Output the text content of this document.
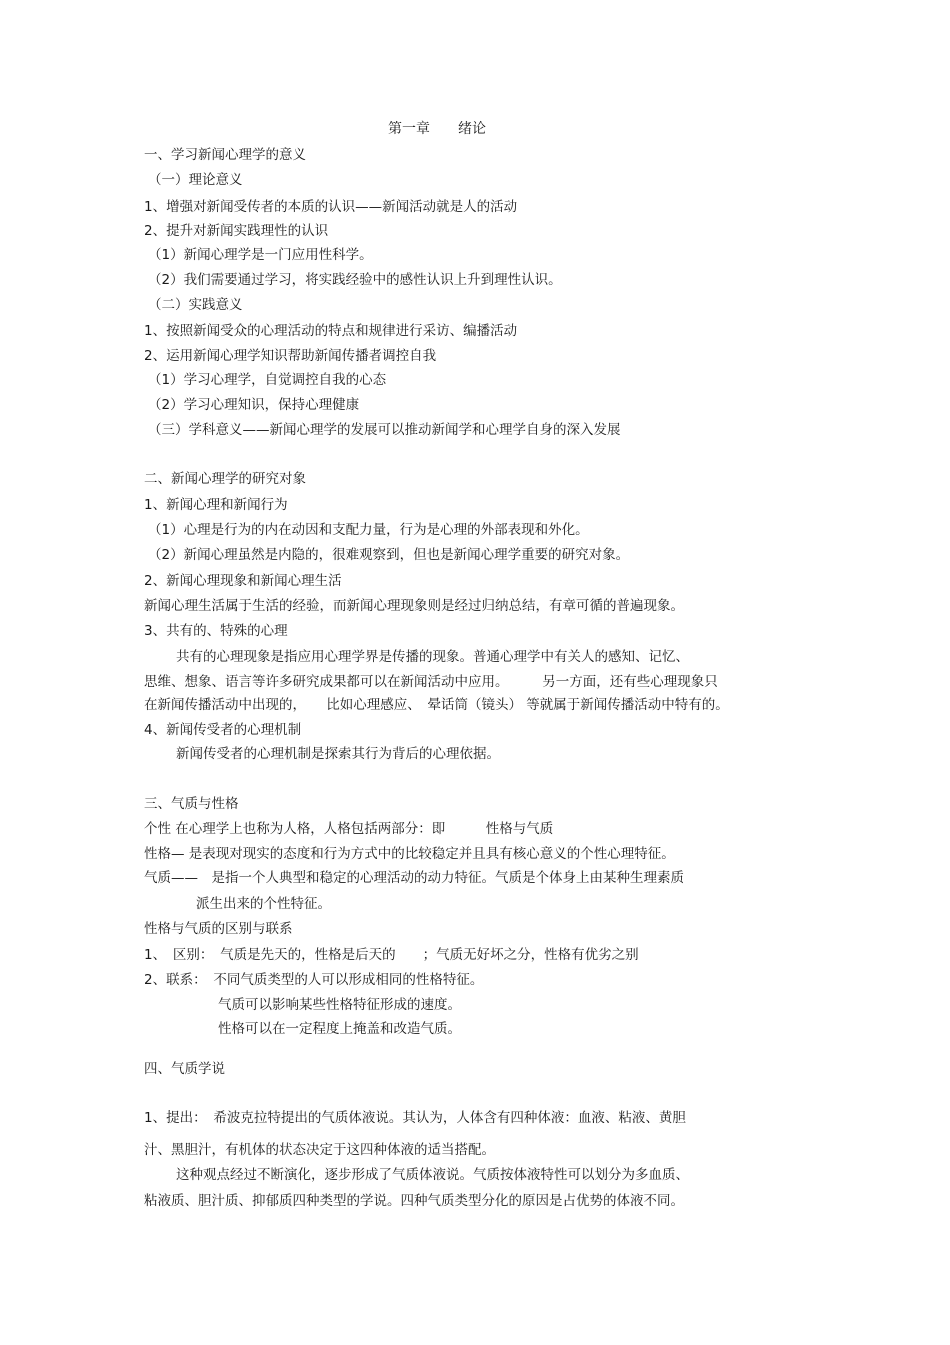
第一章　　绪论
一、学习新闻心理学的意义
（一）理论意义
1、增强对新闻受传者的本质的认识——新闻活动就是人的活动
2、提升对新闻实践理性的认识
（1）新闻心理学是一门应用性科学。
（2）我们需要通过学习，将实践经验中的感性认识上升到理性认识。
（二）实践意义
1、按照新闻受众的心理活动的特点和规律进行采访、编播活动
2、运用新闻心理学知识帮助新闻传播者调控自我
（1）学习心理学，自觉调控自我的心态
（2）学习心理知识，保持心理健康
（三）学科意义——新闻心理学的发展可以推动新闻学和心理学自身的深入发展
二、新闻心理学的研究对象
1、新闻心理和新闻行为
（1）心理是行为的内在动因和支配力量，行为是心理的外部表现和外化。
（2）新闻心理虽然是内隐的，很难观察到，但也是新闻心理学重要的研究对象。
2、新闻心理现象和新闻心理生活
新闻心理生活属于生活的经验，而新闻心理现象则是经过归纳总结，有章可循的普遍现象。
3、共有的、特殊的心理
共有的心理现象是指应用心理学界是传播的现象。普通心理学中有关人的感知、记忆、
思维、想象、语言等许多研究成果都可以在新闻活动中应用。　　　另一方面，还有些心理现象只
在新闻传播活动中出现的，　　比如心理感应、　晕话筒（镜头） 等就属于新闻传播活动中特有的。
4、新闻传受者的心理机制
新闻传受者的心理机制是探索其行为背后的心理依据。
三、气质与性格
个性 在心理学上也称为人格，人格包括两部分：即　　　性格与气质
性格— 是表现对现实的态度和行为方式中的比较稳定并且具有核心意义的个性心理特征。
气质——　是指一个人典型和稳定的心理活动的动力特征。气质是个体身上由某种生理素质
派生出来的个性特征。
性格与气质的区别与联系
1、　区别：　气质是先天的，性格是后天的　　；气质无好坏之分，性格有优劣之别
2、联系：　不同气质类型的人可以形成相同的性格特征。
气质可以影响某些性格特征形成的速度。
性格可以在一定程度上掩盖和改造气质。
四、气质学说
1、提出：　希波克拉特提出的气质体液说。其认为，人体含有四种体液：血液、粘液、黄胆
汁、黑胆汁，有机体的状态决定于这四种体液的适当搭配。
这种观点经过不断演化，逐步形成了气质体液说。气质按体液特性可以划分为多血质、
粘液质、胆汁质、抑郁质四种类型的学说。四种气质类型分化的原因是占优势的体液不同。
